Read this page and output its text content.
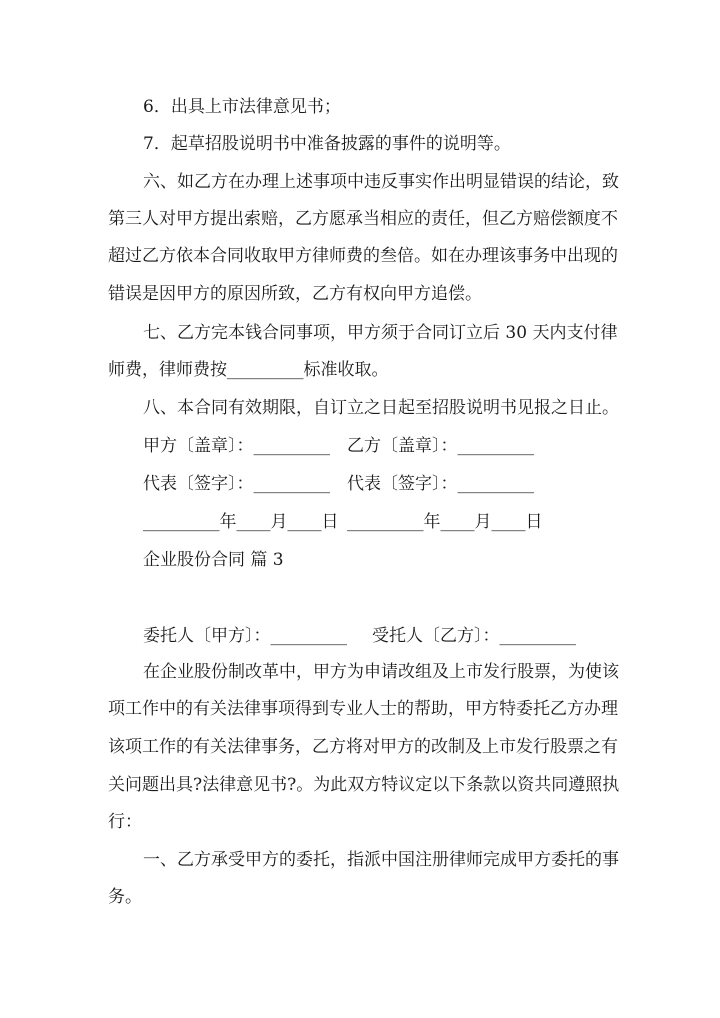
6．出具上市法律意见书；
7．起草招股说明书中准备披露的事件的说明等。
六、如乙方在办理上述事项中违反事实作出明显错误的结论，致
第三人对甲方提出索赔，乙方愿承当相应的责任，但乙方赔偿额度不
超过乙方依本合同收取甲方律师费的叁倍。如在办理该事务中出现的
错误是因甲方的原因所致，乙方有权向甲方追偿。
七、乙方完本钱合同事项，甲方须于合同订立后 30 天内支付律
师费，律师费按_________标准收取。
八、本合同有效期限，自订立之日起至招股说明书见报之日止。
甲方〔盖章〕：_________ 乙方〔盖章〕：_________
代表〔签字〕：_________ 代表〔签字〕：_________
_________年____月____日 _________年____月____日
企业股份合同 篇 3
委托人〔甲方〕：_________ 受托人〔乙方〕：_________
在企业股份制改革中，甲方为申请改组及上市发行股票，为使该
项工作中的有关法律事项得到专业人士的帮助，甲方特委托乙方办理
该项工作的有关法律事务，乙方将对甲方的改制及上市发行股票之有
关问题出具?法律意见书?。为此双方特议定以下条款以资共同遵照执
行：
一、乙方承受甲方的委托，指派中国注册律师完成甲方委托的事
务。
